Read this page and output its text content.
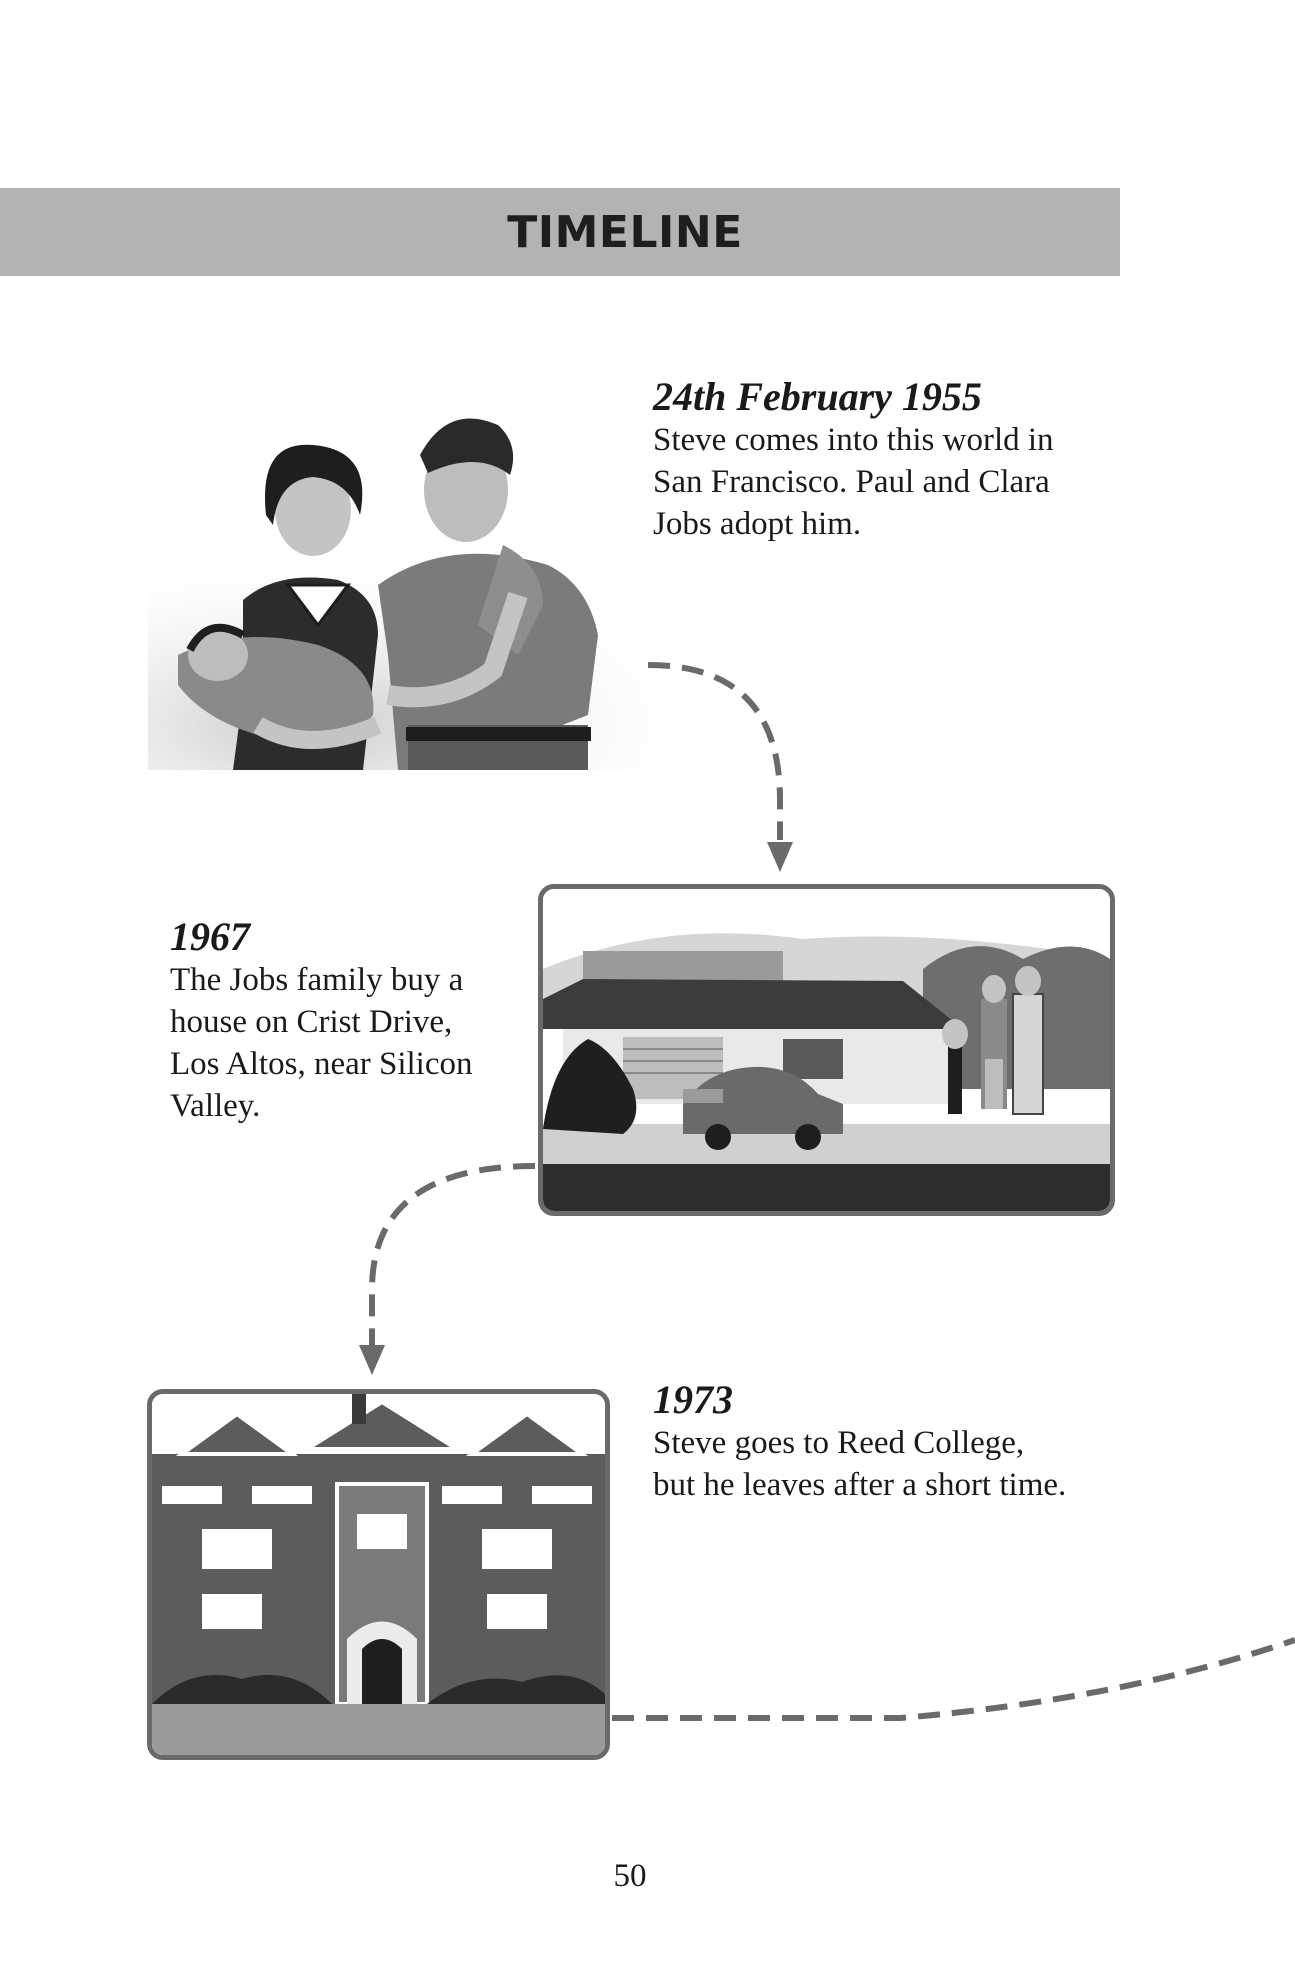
TIMELINE

24th February 1955

Steve comes into this world in San Francisco. Paul and Clara Jobs adopt him.

1967

The Jobs family buy a house on Crist Drive, Los Altos, near Silicon Valley.

1973

Steve goes to Reed College, but he leaves after a short time.

50
